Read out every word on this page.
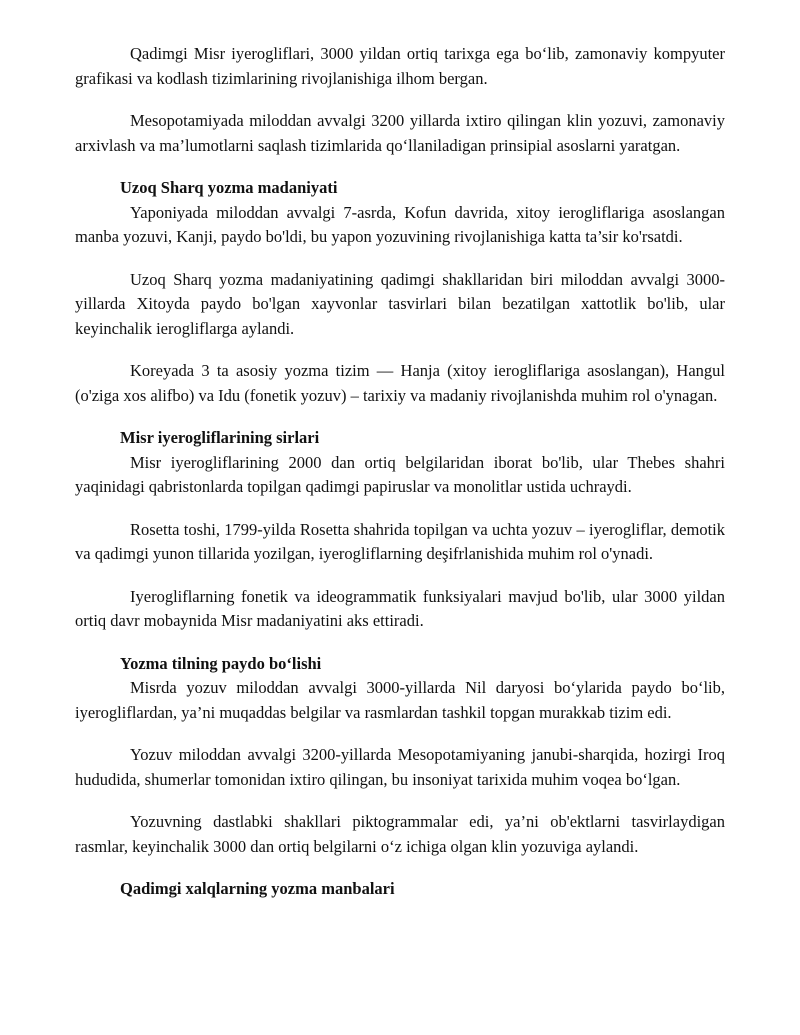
Qadimgi Misr iyerogliflari, 3000 yildan ortiq tarixga ega bo‘lib, zamonaviy kompyuter grafikasi va kodlash tizimlarining rivojlanishiga ilhom bergan.

Mesopotamiyada miloddan avvalgi 3200 yillarda ixtiro qilingan klin yozuvi, zamonaviy arxivlash va ma’lumotlarni saqlash tizimlarida qo‘llaniladigan prinsipial asoslarni yaratgan.

Uzoq Sharq yozma madaniyati

Yaponiyada miloddan avvalgi 7-asrda, Kofun davrida, xitoy ierogliflariga asoslangan manba yozuvi, Kanji, paydo bo'ldi, bu yapon yozuvining rivojlanishiga katta ta’sir ko'rsatdi.

Uzoq Sharq yozma madaniyatining qadimgi shakllaridan biri miloddan avvalgi 3000-yillarda Xitoyda paydo bo'lgan xayvonlar tasvirlari bilan bezatilgan xattotlik bo'lib, ular keyinchalik ierogliflarga aylandi.

Koreyada 3 ta asosiy yozma tizim — Hanja (xitoy ierogliflariga asoslangan), Hangul (o'ziga xos alifbo) va Idu (fonetik yozuv) – tarixiy va madaniy rivojlanishda muhim rol o'ynagan.

Misr iyerogliflarining sirlari

Misr iyerogliflarining 2000 dan ortiq belgilaridan iborat bo'lib, ular Thebes shahri yaqinidagi qabristonlarda topilgan qadimgi papiruslar va monolitlar ustida uchraydi.

Rosetta toshi, 1799-yilda Rosetta shahrida topilgan va uchta yozuv – iyerogliflar, demotik va qadimgi yunon tillarida yozilgan, iyerogliflarning deşifrlanishida muhim rol o'ynadi.

Iyerogliflarning fonetik va ideogrammatik funksiyalari mavjud bo'lib, ular 3000 yildan ortiq davr mobaynida Misr madaniyatini aks ettiradi.

Yozma tilning paydo bo‘lishi

Misrda yozuv miloddan avvalgi 3000-yillarda Nil daryosi bo‘ylarida paydo bo‘lib, iyerogliflardan, ya’ni muqaddas belgilar va rasmlardan tashkil topgan murakkab tizim edi.

Yozuv miloddan avvalgi 3200-yillarda Mesopotamiyaning janubi-sharqida, hozirgi Iroq hududida, shumerlar tomonidan ixtiro qilingan, bu insoniyat tarixida muhim voqea bo‘lgan.

Yozuvning dastlabki shakllari piktogrammalar edi, ya’ni ob'ektlarni tasvirlaydigan rasmlar, keyinchalik 3000 dan ortiq belgilarni o‘z ichiga olgan klin yozuviga aylandi.

Qadimgi xalqlarning yozma manbalari
